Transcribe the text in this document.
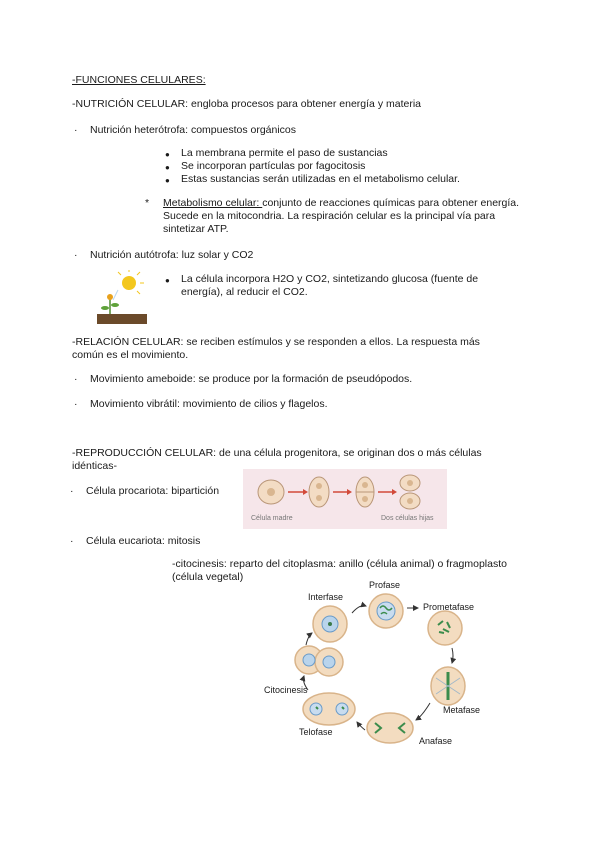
-FUNCIONES CELULARES:
-NUTRICIÓN CELULAR: engloba procesos para obtener energía y materia
· Nutrición heterótrofa: compuestos orgánicos
● La membrana permite el paso de sustancias
● Se incorporan partículas por fagocitosis
● Estas sustancias serán utilizadas en el metabolismo celular.
* Metabolismo celular: conjunto de reacciones químicas para obtener energía. Sucede en la mitocondria. La respiración celular es la principal vía para sintetizar ATP.
· Nutrición autótrofa: luz solar y CO2
● La célula incorpora H2O y CO2, sintetizando glucosa (fuente de energía), al reducir el CO2.
-RELACIÓN CELULAR: se reciben estímulos y se responden a ellos. La respuesta más común es el movimiento.
· Movimiento ameboide: se produce por la formación de pseudópodos.
· Movimiento vibrátil: movimiento de cilios y flagelos.
-REPRODUCCIÓN CELULAR: de una célula progenitora, se originan dos o más células idénticas-
· Célula procariota: bipartición
Célula madre	Dos células hijas
· Célula eucariota: mitosis
-citocinesis: reparto del citoplasma: anillo (célula animal) o fragmoplasto (célula vegetal)
Interfase
Profase
Prometafase
Metafase
Anafase
Telofase
Citocinesis
